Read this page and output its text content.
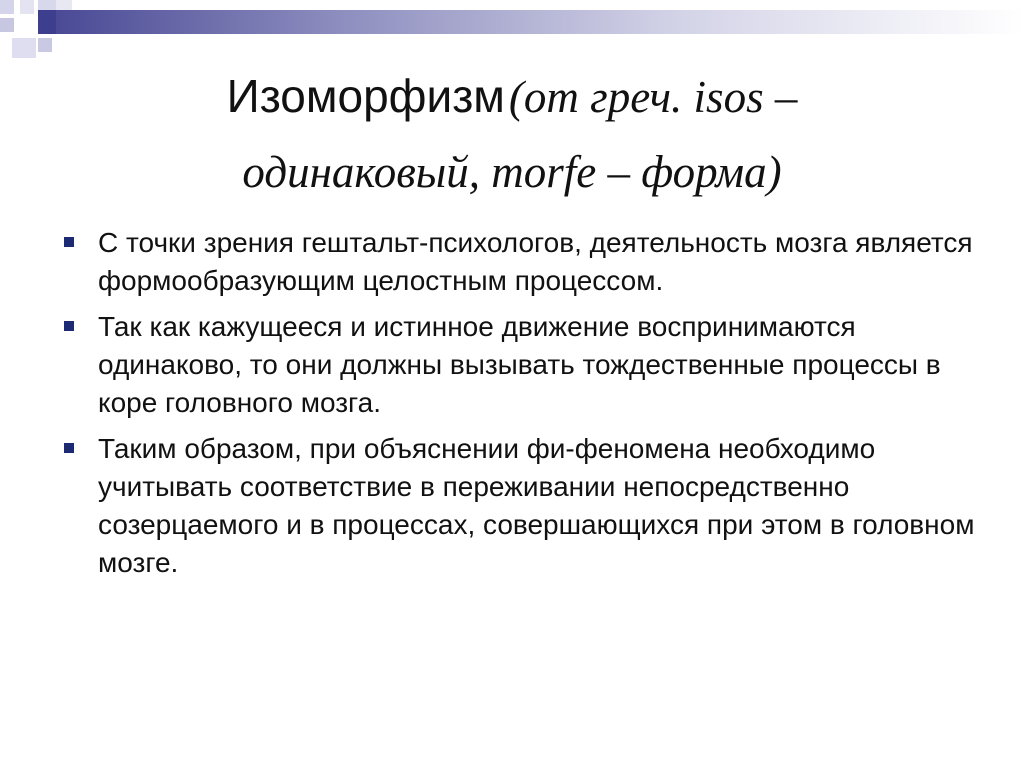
Изоморфизм (от греч. isos –
одинаковый, morfe – форма)
С точки зрения гештальт-психологов, деятельность мозга является формообразующим целостным процессом.
Так как кажущееся и истинное движение воспринимаются одинаково, то они должны вызывать тождественные процессы в коре головного мозга.
Таким образом, при объяснении фи-феномена необходимо учитывать соответствие в переживании непосредственно созерцаемого и в процессах, совершающихся при этом в головном мозге.
